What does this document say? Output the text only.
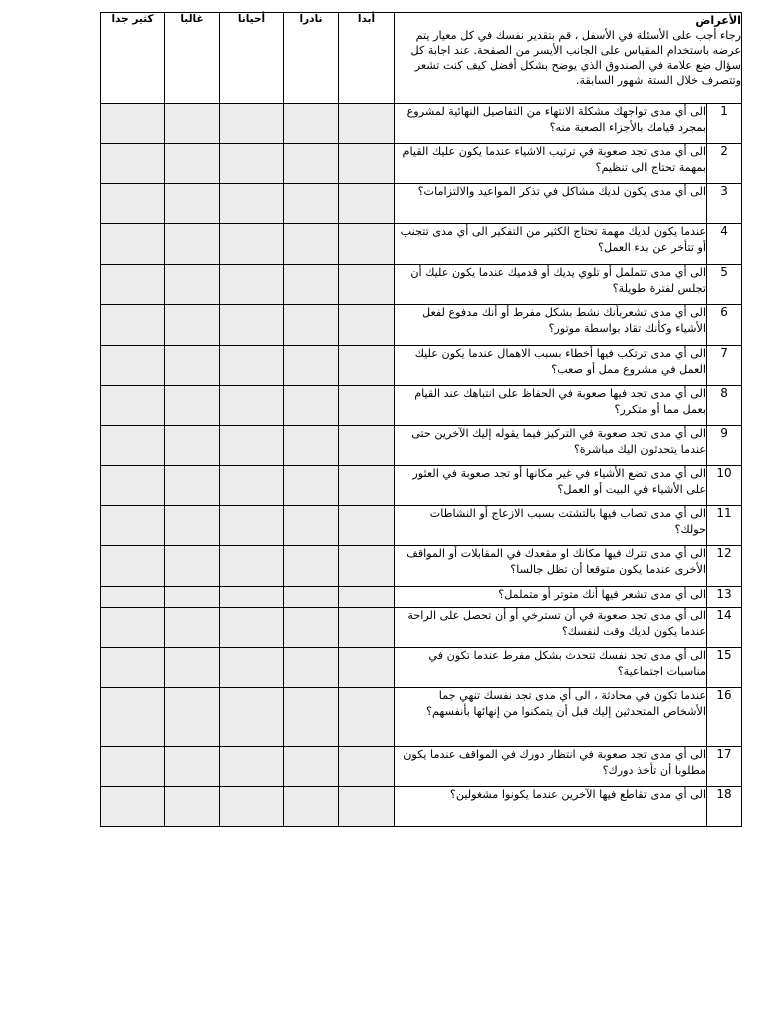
كثير جدا	غالبا	أحيانا	نادرا	أبدا	الأعراض
رجاء أجب على الأسئلة في الأسفل ، قم بتقدير نفسك في كل معيار يتم عرضه باستخدام المقياس على الجانب الأيسر من الصفحة. عند اجابة كل سؤال ضع علامة في الصندوق الذي يوضح بشكل أفضل كيف كنت تشعر وتتصرف خلال الستة شهور السابقة.	

					الى أي مدى تواجهك مشكلة الانتهاء من التفاصيل النهائية لمشروع بمجرد قيامك بالأجزاء الصعبة منه؟	1
					الى أي مدى تجد صعوبة في ترتيب الاشياء عندما يكون عليك القيام بمهمة تحتاج الى تنظيم؟	2
					الى أي مدى يكون لديك مشاكل في تذكر المواعيد والالتزامات؟	3
					عندما يكون لديك مهمة تحتاج الكثير من التفكير الى أي مدى تتجنب أو تتأخر عن بدء العمل؟	4
					الى أي مدى تتململ أو تلوي يديك أو قدميك عندما يكون عليك أن تجلس لفترة طويلة؟	5
					الى أي مدى تشعربأنك نشط بشكل مفرط أو أنك مدفوع لفعل الأشياء وكأنك تقاد بواسطة موتور؟	6
					الى أي مدى ترتكب فيها أخطاء بسبب الاهمال عندما يكون عليك العمل في مشروع ممل أو صعب؟	7
					الى أي مدى تجد فيها صعوبة في الحفاظ على انتباهك عند القيام بعمل مما أو متكرر؟	8
					الى أي مدى تجد صعوبة في التركيز فيما يقوله إليك الآخرين حتى عندما يتحدثون اليك مباشرة؟	9
					الى أي مدى تضع الأشياء في غير مكانها أو تجد صعوبة في العثور على الأشياء في البيت أو العمل؟	10
					الى أي مدى تصاب فيها بالتشتت بسبب الازعاج أو النشاطات حولك؟	11
					الى أي مدى تترك فيها مكانك او مقعدك في المقابلات أو المواقف الأخرى عندما يكون متوقعا أن تظل جالسا؟	12
					الى أي مدى تشعر فيها أنك متوتر أو متململ؟	13
					الى أي مدى تجد صعوبة في أن تسترخي أو أن تحصل على الراحة عندما يكون لديك وقت لنفسك؟	14
					الى أي مدى تجد نفسك تتحدث بشكل مفرط عندما تكون في مناسبات اجتماعية؟	15
					عندما تكون في محادثة ، الى أي مدى تجد نفسك تنهي جما الأشخاص المتحدثين إليك قبل أن يتمكنوا من إنهائها بأنفسهم؟	16
					الى أي مدى تجد صعوبة في انتظار دورك في المواقف عندما يكون مطلوبا أن تأخذ دورك؟	17
					الى أي مدى تقاطع فيها الآخرين عندما يكونوا مشغولين؟	18
